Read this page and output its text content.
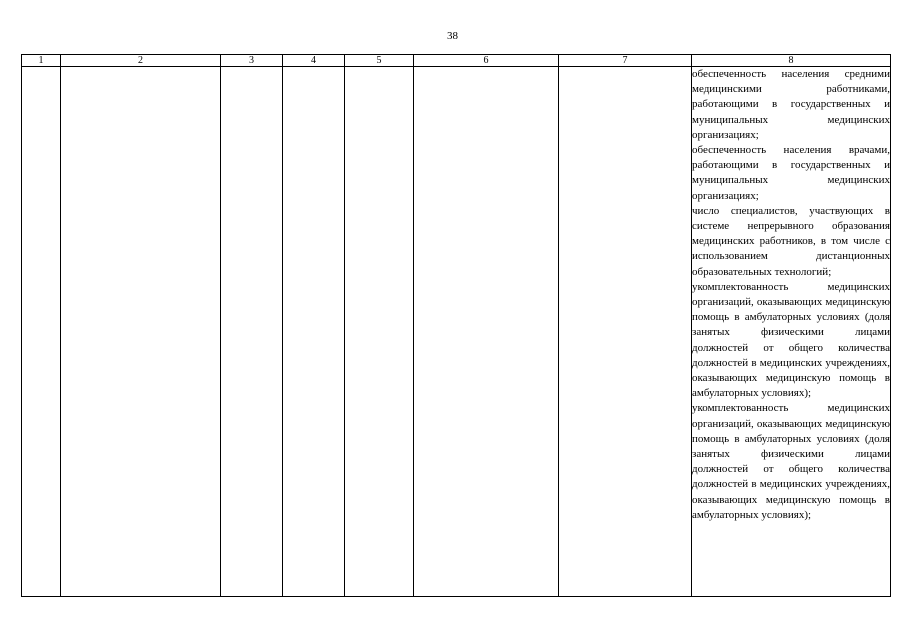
38
1	2	3	4	5	6	7	8

							обеспеченность населения средними медицинскими работниками, работающими в государственных и муниципальных медицинских организациях;

обеспеченность населения врачами, работающими в государственных и муниципальных медицинских организациях;

число специалистов, участвующих в системе непрерывного образования медицинских работников, в том числе с использованием дистанционных образовательных технологий;

укомплектованность медицинских организаций, оказывающих медицинскую помощь в амбулаторных условиях (доля занятых физическими лицами должностей от общего количества должностей в медицинских учреждениях, оказывающих медицинскую помощь в амбулаторных условиях);

укомплектованность медицинских организаций, оказывающих медицинскую помощь в амбулаторных условиях (доля занятых физическими лицами должностей от общего количества должностей в медицинских учреждениях, оказывающих медицинскую помощь в амбулаторных условиях);
